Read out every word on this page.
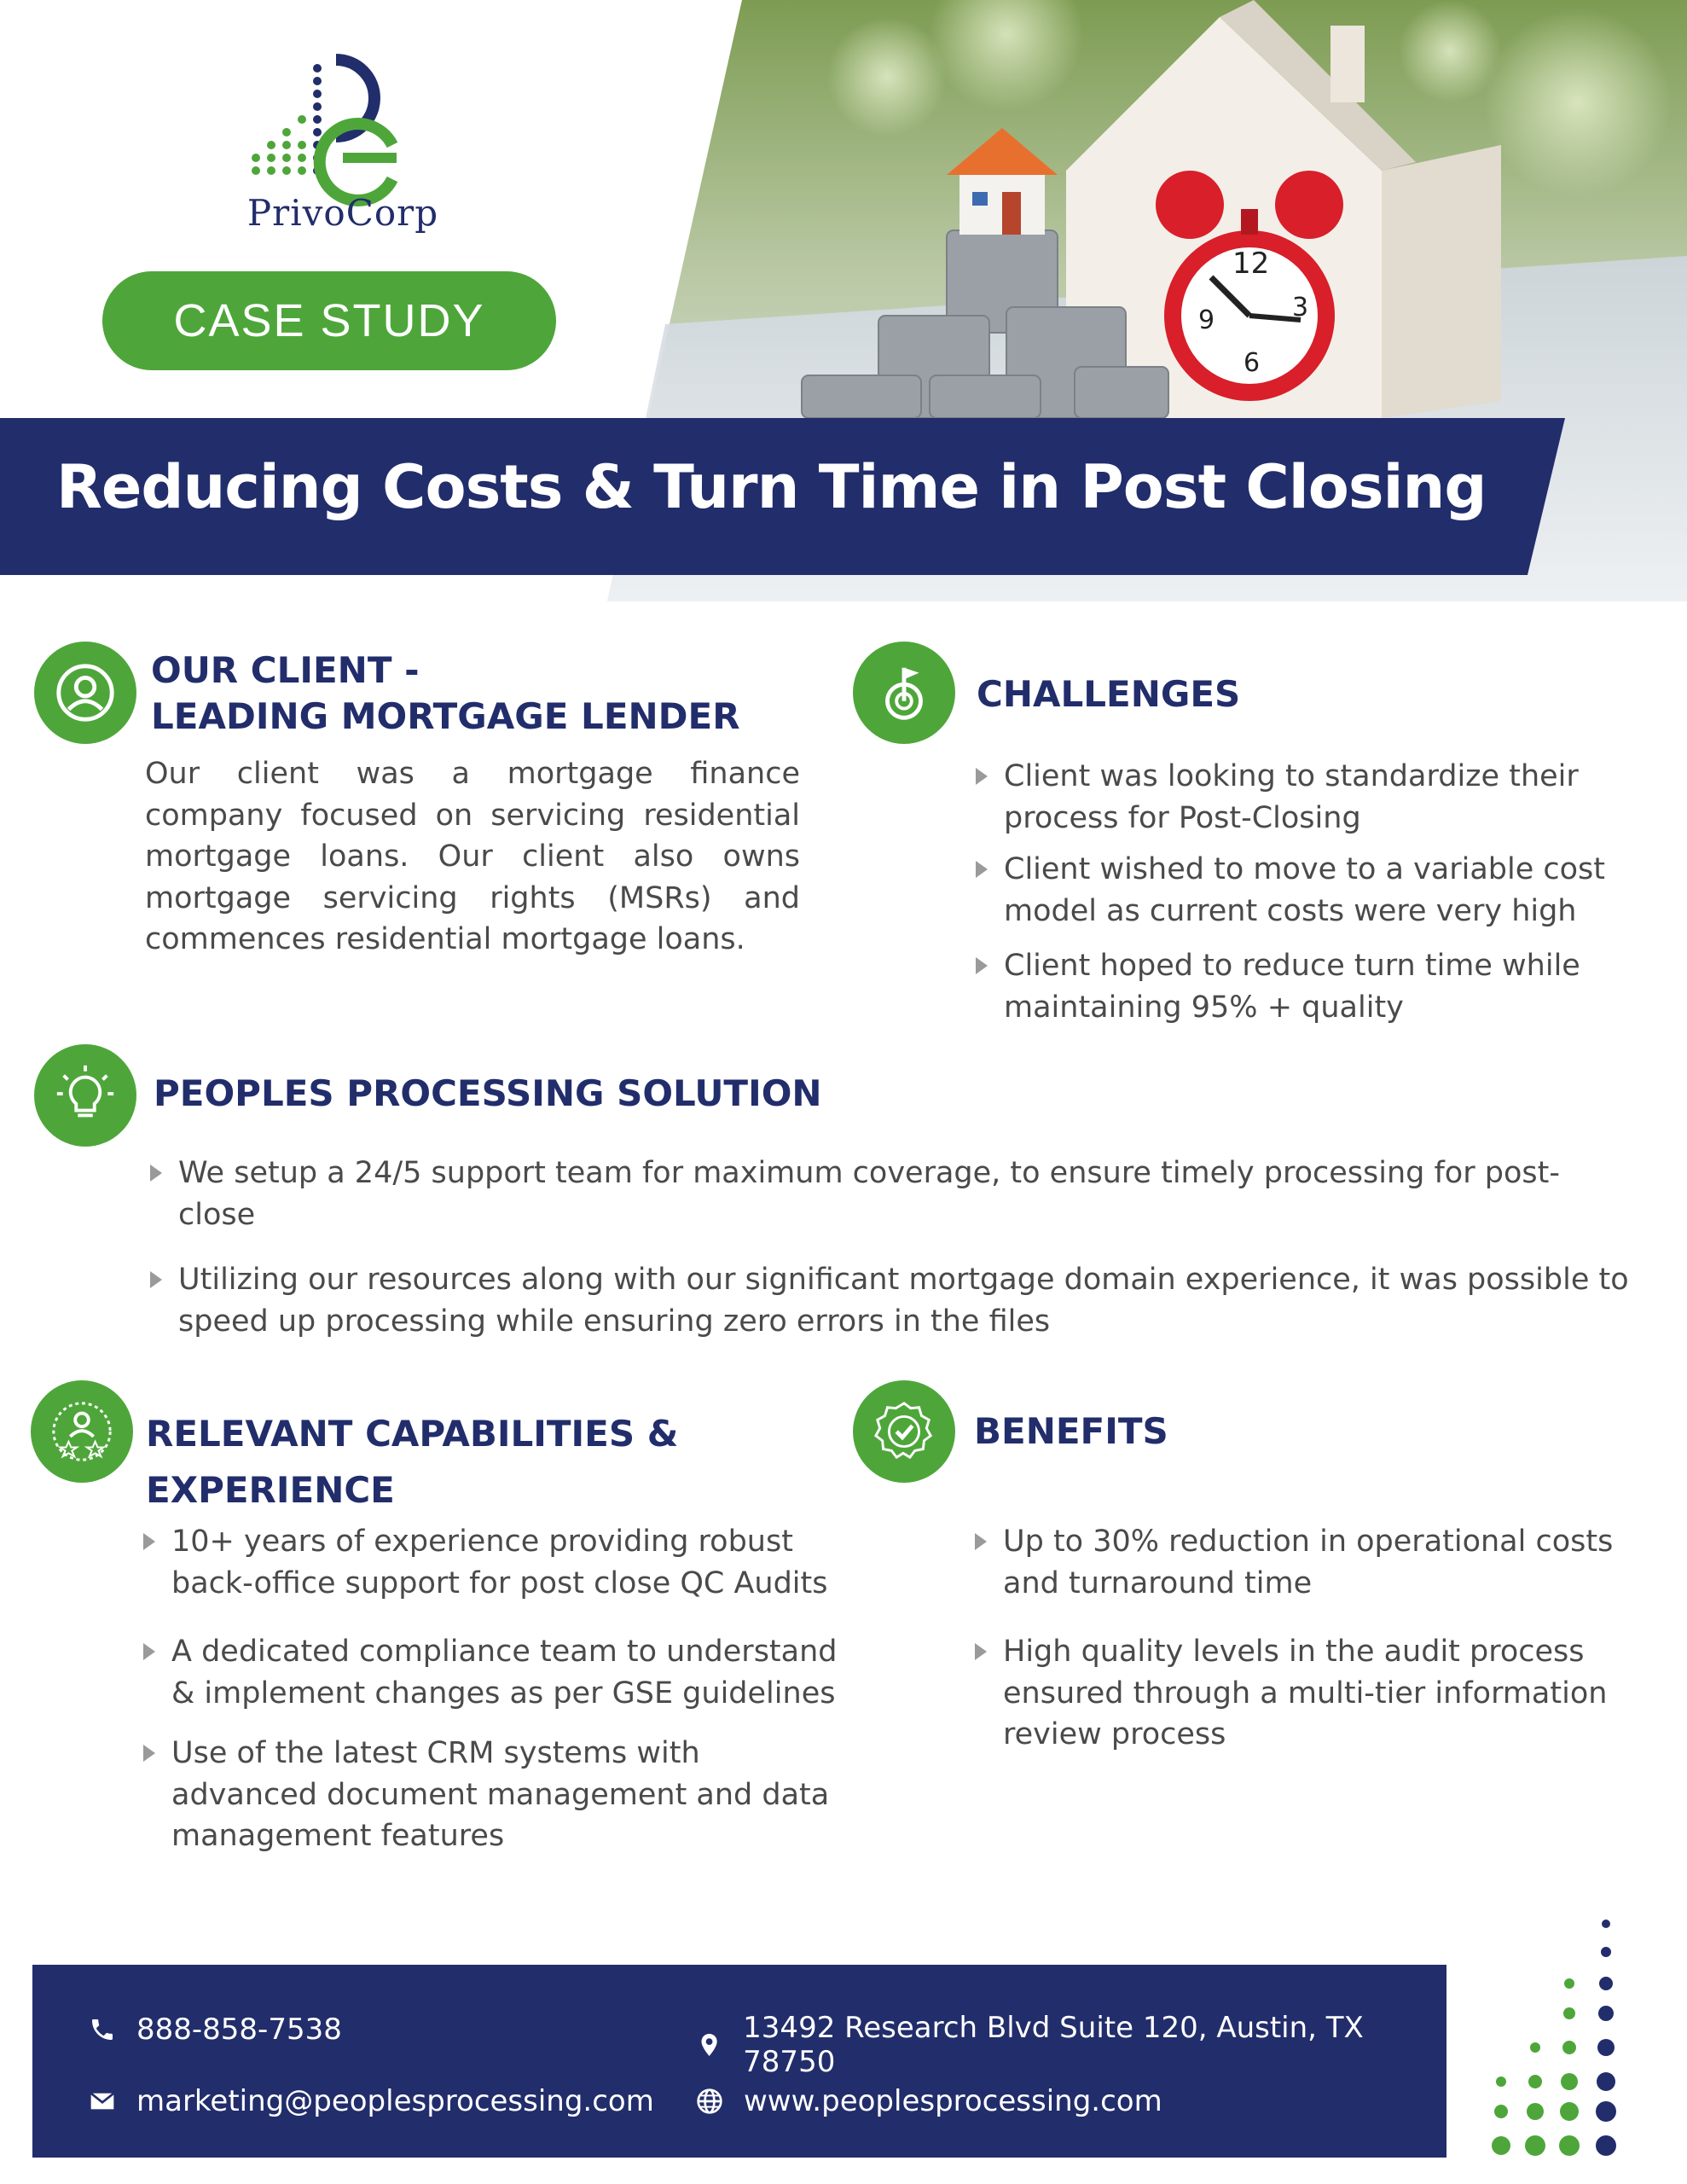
12
9	3
6
PrivoCorp
CASE STUDY
Reducing Costs & Turn Time in Post Closing
OUR CLIENT -
LEADING MORTGAGE LENDER
Our client was a mortgage finance company focused on servicing residential mortgage loans. Our client also owns mortgage servicing rights (MSRs) and commences residential mortgage loans.
CHALLENGES
Client was looking to standardize their process for Post-Closing
Client wished to move to a variable cost model as current costs were very high
Client hoped to reduce turn time while maintaining 95% + quality
PEOPLES PROCESSING SOLUTION
We setup a 24/5 support team for maximum coverage, to ensure timely processing for post-close
Utilizing our resources along with our significant mortgage domain experience, it was possible to speed up processing while ensuring zero errors in the files
RELEVANT CAPABILITIES &
EXPERIENCE
10+ years of experience providing robust back-office support for post close QC Audits
A dedicated compliance team to understand & implement changes as per GSE guidelines
Use of the latest CRM systems with advanced document management and data management features
BENEFITS
Up to 30% reduction in operational costs and turnaround time
High quality levels in the audit process ensured through a multi-tier information review process
888-858-7538
marketing@peoplesprocessing.com
13492 Research Blvd Suite 120, Austin, TX 78750
www.peoplesprocessing.com
